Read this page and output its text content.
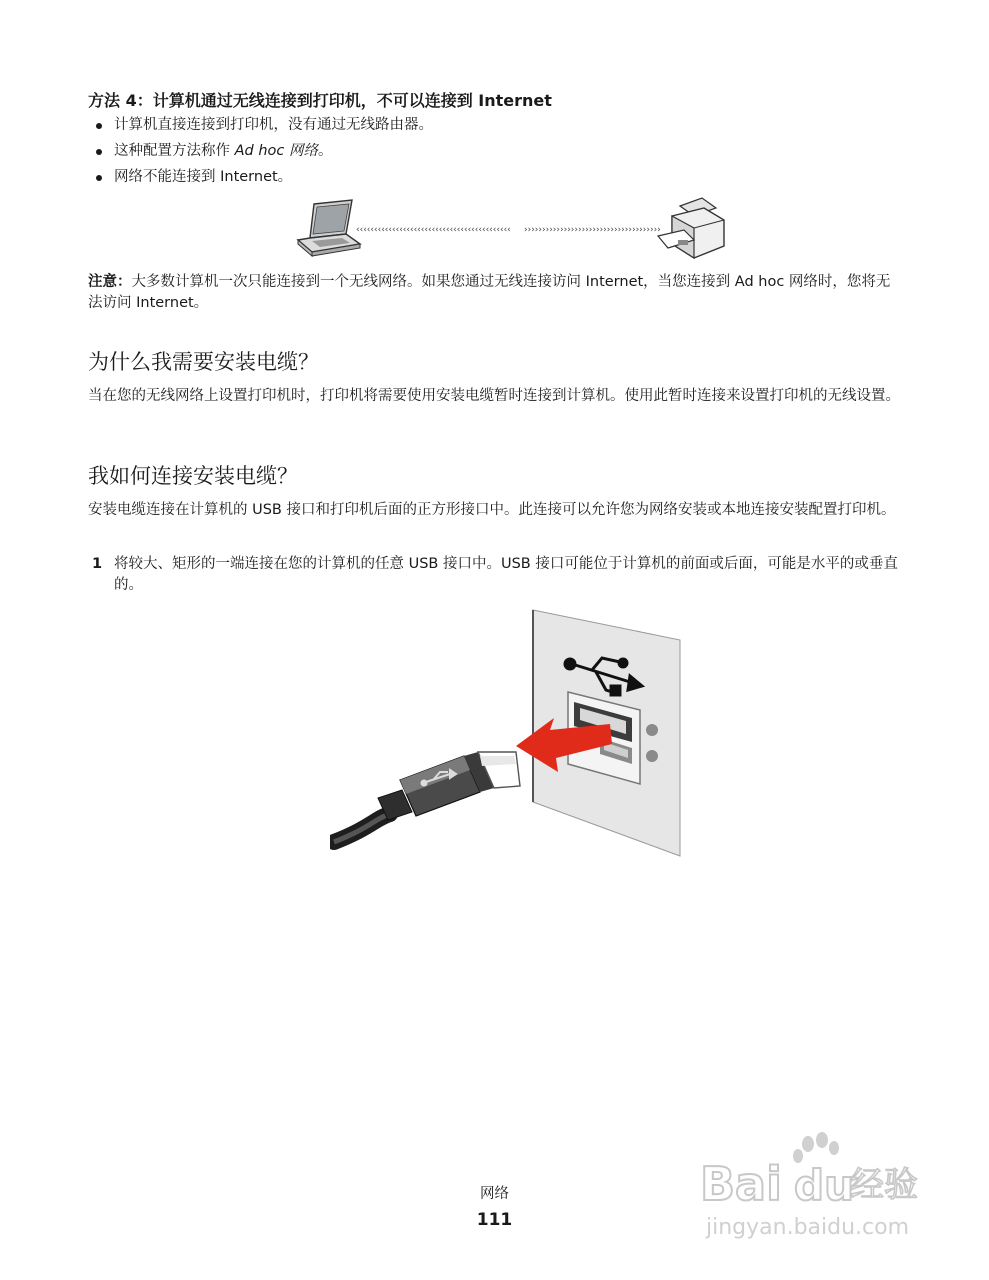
方法 4：计算机通过无线连接到打印机，不可以连接到 Internet
计算机直接连接到打印机，没有通过无线路由器。
这种配置方法称作 Ad hoc 网络。
网络不能连接到 Internet。
‹‹‹‹‹‹‹‹‹‹‹‹‹‹‹‹‹‹‹‹‹‹‹‹‹‹‹‹‹‹‹‹‹‹‹‹‹‹‹‹‹‹‹ ››››››››››››››››››››››››››››››››››››››
注意：大多数计算机一次只能连接到一个无线网络。如果您通过无线连接访问 Internet，当您连接到 Ad hoc 网络时，您将无法访问 Internet。
为什么我需要安装电缆？

当在您的无线网络上设置打印机时，打印机将需要使用安装电缆暂时连接到计算机。使用此暂时连接来设置打印机的无线设置。

我如何连接安装电缆？

安装电缆连接在计算机的 USB 接口和打印机后面的正方形接口中。此连接可以允许您为网络安装或本地连接安装配置打印机。

1 将较大、矩形的一端连接在您的计算机的任意 USB 接口中。USB 接口可能位于计算机的前面或后面，可能是水平的或垂直的。
网络
111
Bai du
经验
jingyan.baidu.com
